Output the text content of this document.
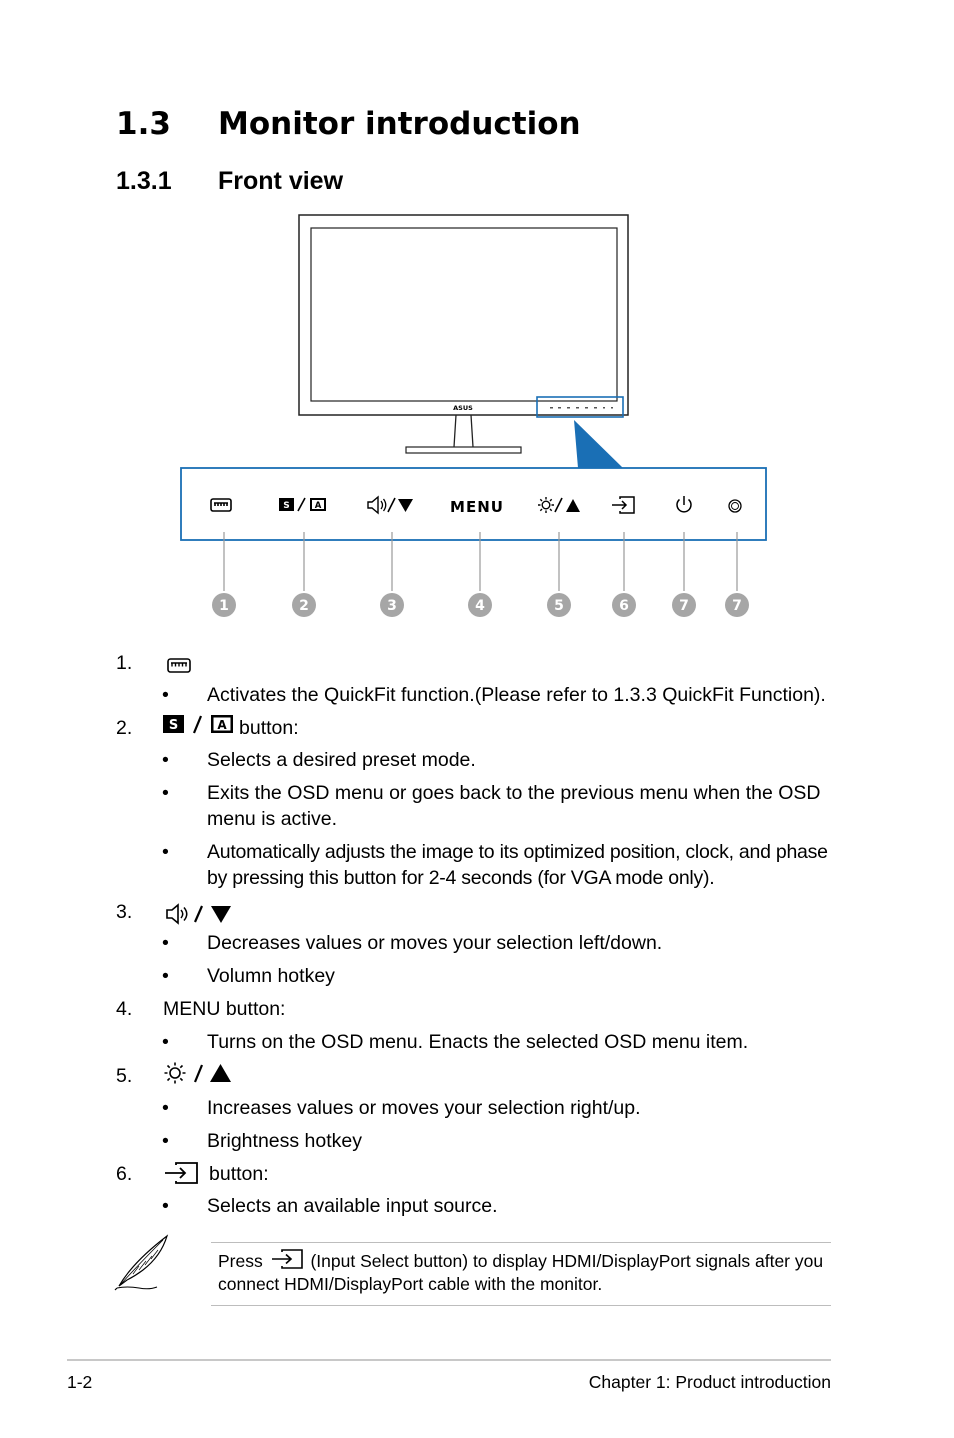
1.3 Monitor introduction
1.3.1 Front view
ASUS
S	A	MENU
1	2	3	4	5	6	7	7
1.
• Activates the QuickFit function.(Please refer to 1.3.3 QuickFit Function).
2.	S	A button:
• Selects a desired preset mode.
• Exits the OSD menu or goes back to the previous menu when the OSD menu is active.
• Automatically adjusts the image to its optimized position, clock, and phase by pressing this button for 2-4 seconds (for VGA mode only).
3.
• Decreases values or moves your selection left/down.
• Volumn hotkey
4. MENU button:
• Turns on the OSD menu. Enacts the selected OSD menu item.
5.
• Increases values or moves your selection right/up.
• Brightness hotkey
6.	button:
• Selects an available input source.
Press	(Input Select button) to display HDMI/DisplayPort signals after you connect HDMI/DisplayPort cable with the monitor.
1-2	Chapter 1: Product introduction
